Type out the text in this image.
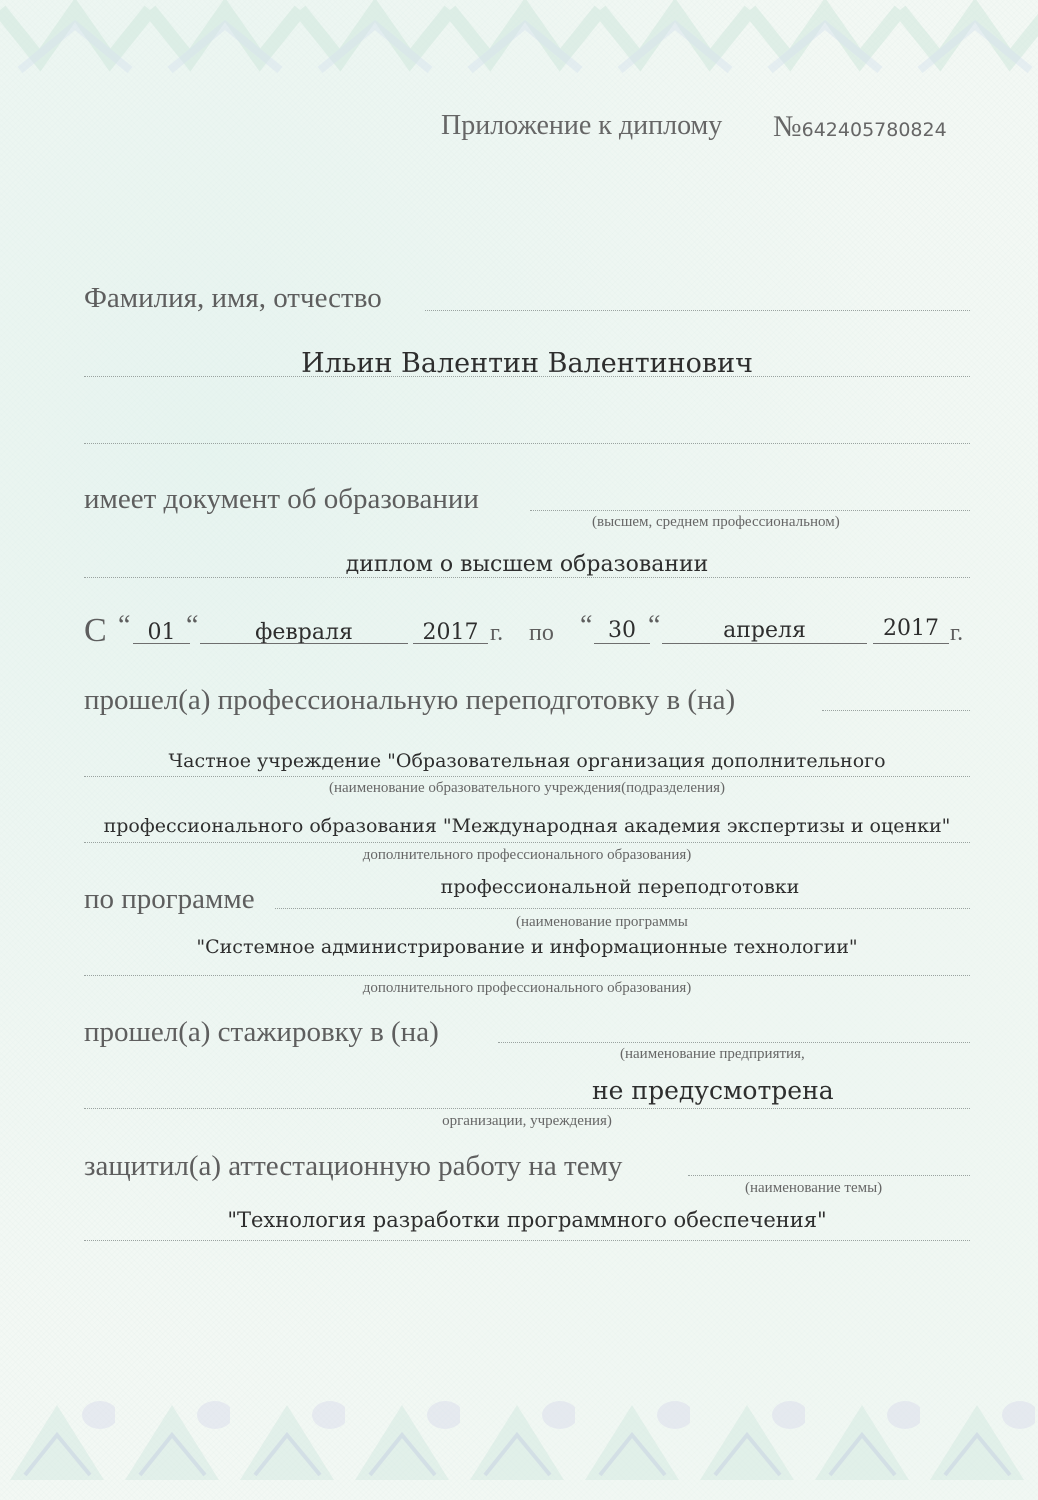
Приложение к диплому №642405780824
Фамилия, имя, отчество
Ильин Валентин Валентинович
имеет документ об образовании
(высшем, среднем профессиональном)
диплом о высшем образовании
С “ 01 “	февраля	2017 г. по “ 30 “	апреля	2017 г.
прошел(а) профессиональную переподготовку в (на)
Частное учреждение "Образовательная организация дополнительного
(наименование образовательного учреждения(подразделения)
профессионального образования "Международная академия экспертизы и оценки"
дополнительного профессионального образования)
по программе	профессиональной переподготовки
(наименование программы
"Системное администрирование и информационные технологии"
дополнительного профессионального образования)
прошел(а) стажировку в (на)
(наименование предприятия,
не предусмотрена
организации, учреждения)
защитил(а) аттестационную работу на тему
(наименование темы)
"Технология разработки программного обеспечения"
